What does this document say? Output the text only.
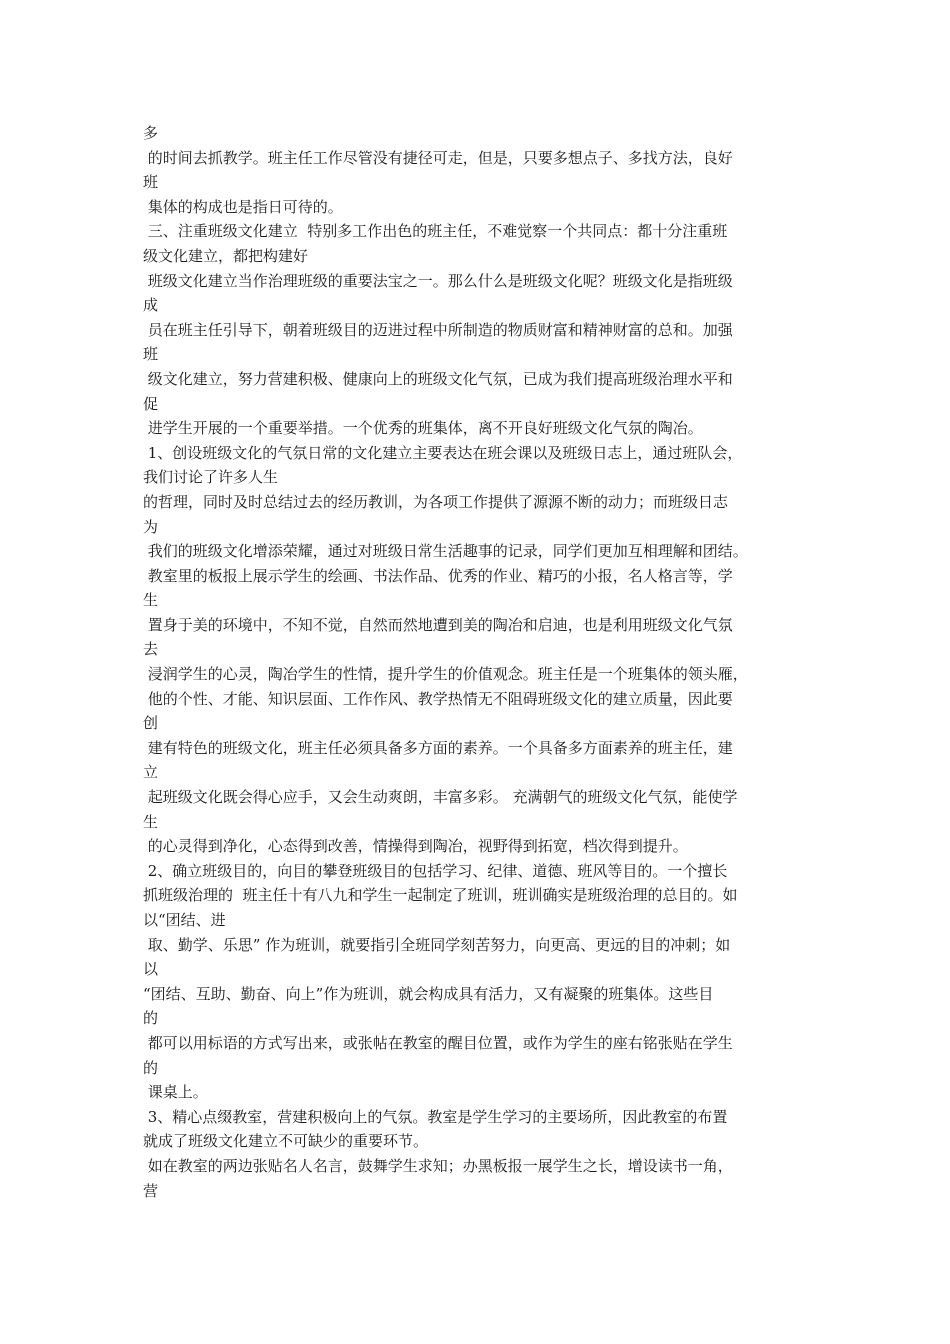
多
的时间去抓教学。班主任工作尽管没有捷径可走，但是，只要多想点子、多找方法，良好
班
集体的构成也是指日可待的。
三、注重班级文化建立  特别多工作出色的班主任，不难觉察一个共同点：都十分注重班
级文化建立，都把构建好
班级文化建立当作治理班级的重要法宝之一。那么什么是班级文化呢？班级文化是指班级
成
员在班主任引导下，朝着班级目的迈进过程中所制造的物质财富和精神财富的总和。加强
班
级文化建立，努力营建积极、健康向上的班级文化气氛，已成为我们提高班级治理水平和
促
进学生开展的一个重要举措。一个优秀的班集体，离不开良好班级文化气氛的陶冶。
1、创设班级文化的气氛日常的文化建立主要表达在班会课以及班级日志上，通过班队会，
我们讨论了许多人生
的哲理，同时及时总结过去的经历教训，为各项工作提供了源源不断的动力；而班级日志
为
我们的班级文化增添荣耀，通过对班级日常生活趣事的记录，同学们更加互相理解和团结。
教室里的板报上展示学生的绘画、书法作品、优秀的作业、精巧的小报，名人格言等，学
生
置身于美的环境中，不知不觉，自然而然地遭到美的陶冶和启迪，也是利用班级文化气氛
去
浸润学生的心灵，陶冶学生的性情，提升学生的价值观念。班主任是一个班集体的领头雁，
他的个性、才能、知识层面、工作作风、教学热情无不阻碍班级文化的建立质量，因此要
创
建有特色的班级文化，班主任必须具备多方面的素养。一个具备多方面素养的班主任，建
立
起班级文化既会得心应手，又会生动爽朗，丰富多彩。 充满朝气的班级文化气氛，能使学
生
的心灵得到净化，心态得到改善，情操得到陶冶，视野得到拓宽，档次得到提升。
2、确立班级目的，向目的攀登班级目的包括学习、纪律、道德、班风等目的。一个擅长
抓班级治理的  班主任十有八九和学生一起制定了班训，班训确实是班级治理的总目的。如
以“团结、进
取、勤学、乐思” 作为班训，就要指引全班同学刻苦努力，向更高、更远的目的冲刺；如
以
“团结、互助、勤奋、向上”作为班训，就会构成具有活力，又有凝聚的班集体。这些目
的
都可以用标语的方式写出来，或张帖在教室的醒目位置，或作为学生的座右铭张贴在学生
的
课桌上。
3、精心点缀教室，营建积极向上的气氛。教室是学生学习的主要场所，因此教室的布置
就成了班级文化建立不可缺少的重要环节。
如在教室的两边张贴名人名言，鼓舞学生求知；办黑板报一展学生之长，增设读书一角，
营
